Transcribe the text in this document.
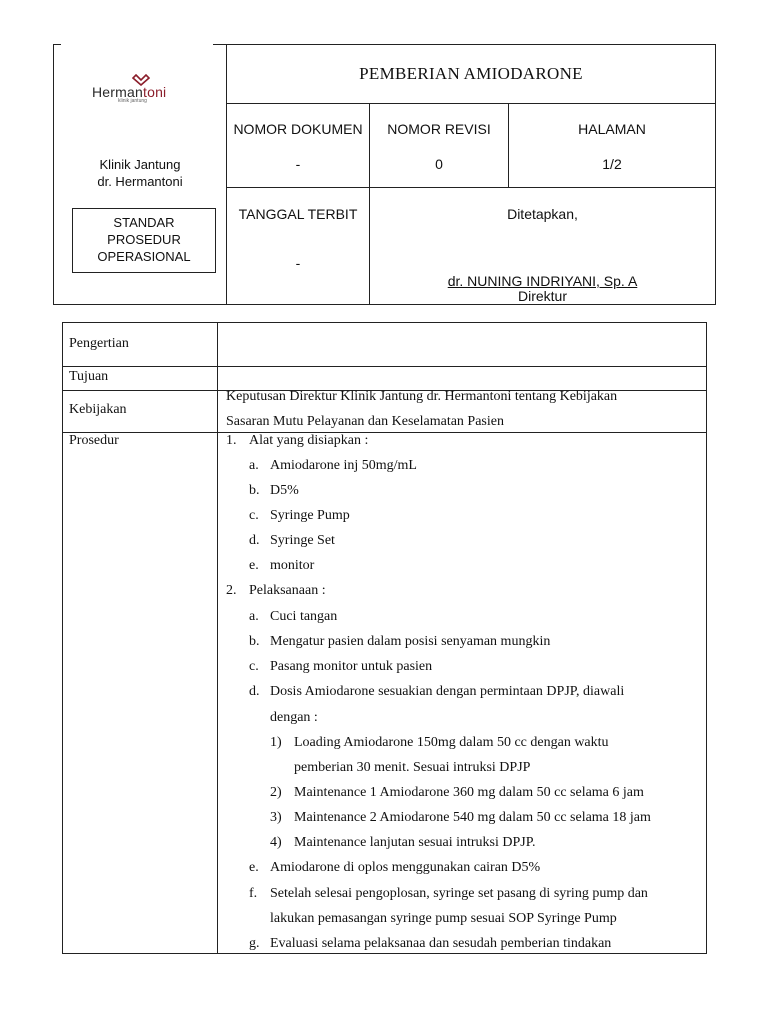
Hermantoni
klinik jantung
Klinik Jantung
dr. Hermantoni
STANDAR
PROSEDUR
OPERASIONAL
PEMBERIAN AMIODARONE
NOMOR DOKUMEN
-
NOMOR REVISI
0
HALAMAN
1/2
TANGGAL TERBIT
-
Ditetapkan,
dr. NUNING INDRIYANI, Sp. A
Direktur
Pengertian
Tujuan
Kebijakan
Keputusan Direktur Klinik Jantung dr. Hermantoni tentang Kebijakan
Sasaran Mutu Pelayanan dan Keselamatan Pasien
Prosedur	1. Alat yang disiapkan :
a. Amiodarone inj 50mg/mL
b. D5%
c. Syringe Pump
d. Syringe Set
e. monitor
2. Pelaksanaan :
a. Cuci tangan
b. Mengatur pasien dalam posisi senyaman mungkin
c. Pasang monitor untuk pasien
d. Dosis Amiodarone sesuakian dengan permintaan DPJP, diawali
dengan :
1) Loading Amiodarone 150mg dalam 50 cc dengan waktu
pemberian 30 menit. Sesuai intruksi DPJP
2) Maintenance 1 Amiodarone 360 mg dalam 50 cc selama 6 jam
3) Maintenance 2 Amiodarone 540 mg dalam 50 cc selama 18 jam
4) Maintenance lanjutan sesuai intruksi DPJP.
e. Amiodarone di oplos menggunakan cairan D5%
f. Setelah selesai pengoplosan, syringe set pasang di syring pump dan
lakukan pemasangan syringe pump sesuai SOP Syringe Pump
g. Evaluasi selama pelaksanaa dan sesudah pemberian tindakan
